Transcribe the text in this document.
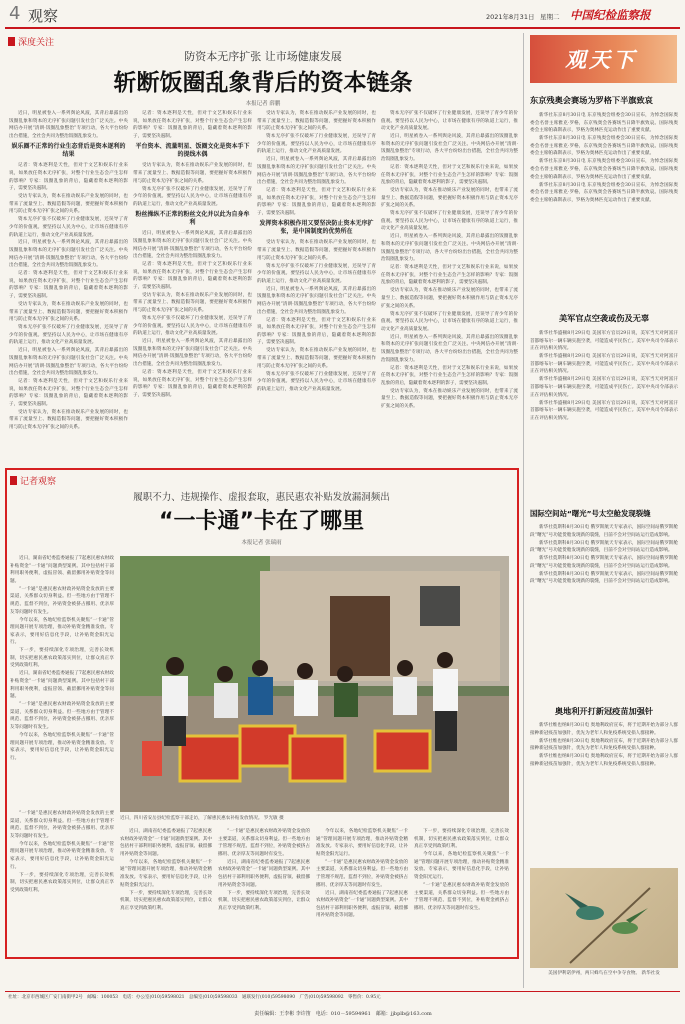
4 观察	2021年8月31日 星期二 中国纪检监察报
深度关注
防资本无序扩张 让市场健康发展
斩断饭圈乱象背后的资本链条
本报记者 薛鹏

近日，明星被卷入一系列舆论风波，其背后暴露出的饭圈乱象和资本的无序扩张问题引发社会广泛关注。中央网信办开展“清朗·饭圈乱象整治”专项行动，各大平台纷纷出台措施，全社会共同为整治饭圈乱象发力。

娱乐圈不正常的行业生态背后是资本逐利的结果

记者：资本逐利是天性，但对于文艺和娱乐行业来说，如果放任资本无序扩张，对整个行业生态会产生怎样的影响？专家：饭圈乱象的背后，隐藏着资本逐利的影子，需要坚决遏制。

受访专家认为，资本在推动娱乐产业发展的同时，也带来了流量至上、数据造假等问题，要把握好资本积极作用与防止资本无序扩张之间的关系。

资本无序扩张不仅破坏了行业健康发展，还误导了青少年的价值观。要坚持以人民为中心，让市场在健康有序的轨道上运行，推动文化产业高质量发展。

近日，明星被卷入一系列舆论风波，其背后暴露出的饭圈乱象和资本的无序扩张问题引发社会广泛关注。中央网信办开展“清朗·饭圈乱象整治”专项行动，各大平台纷纷出台措施，全社会共同为整治饭圈乱象发力。

记者：资本逐利是天性，但对于文艺和娱乐行业来说，如果放任资本无序扩张，对整个行业生态会产生怎样的影响？专家：饭圈乱象的背后，隐藏着资本逐利的影子，需要坚决遏制。

受访专家认为，资本在推动娱乐产业发展的同时，也带来了流量至上、数据造假等问题，要把握好资本积极作用与防止资本无序扩张之间的关系。

资本无序扩张不仅破坏了行业健康发展，还误导了青少年的价值观。要坚持以人民为中心，让市场在健康有序的轨道上运行，推动文化产业高质量发展。

近日，明星被卷入一系列舆论风波，其背后暴露出的饭圈乱象和资本的无序扩张问题引发社会广泛关注。中央网信办开展“清朗·饭圈乱象整治”专项行动，各大平台纷纷出台措施，全社会共同为整治饭圈乱象发力。

记者：资本逐利是天性，但对于文艺和娱乐行业来说，如果放任资本无序扩张，对整个行业生态会产生怎样的影响？专家：饭圈乱象的背后，隐藏着资本逐利的影子，需要坚决遏制。

受访专家认为，资本在推动娱乐产业发展的同时，也带来了流量至上、数据造假等问题，要把握好资本积极作用与防止资本无序扩张之间的关系。

记者：资本逐利是天性，但对于文艺和娱乐行业来说，如果放任资本无序扩张，对整个行业生态会产生怎样的影响？专家：饭圈乱象的背后，隐藏着资本逐利的影子，需要坚决遏制。

平台资本、流量明星、饭圈文化是资本手下的提线木偶

受访专家认为，资本在推动娱乐产业发展的同时，也带来了流量至上、数据造假等问题，要把握好资本积极作用与防止资本无序扩张之间的关系。

资本无序扩张不仅破坏了行业健康发展，还误导了青少年的价值观。要坚持以人民为中心，让市场在健康有序的轨道上运行，推动文化产业高质量发展。

粉丝操纵不正常的粉丝文化并以此为自身牟利

近日，明星被卷入一系列舆论风波，其背后暴露出的饭圈乱象和资本的无序扩张问题引发社会广泛关注。中央网信办开展“清朗·饭圈乱象整治”专项行动，各大平台纷纷出台措施，全社会共同为整治饭圈乱象发力。

记者：资本逐利是天性，但对于文艺和娱乐行业来说，如果放任资本无序扩张，对整个行业生态会产生怎样的影响？专家：饭圈乱象的背后，隐藏着资本逐利的影子，需要坚决遏制。

受访专家认为，资本在推动娱乐产业发展的同时，也带来了流量至上、数据造假等问题，要把握好资本积极作用与防止资本无序扩张之间的关系。

资本无序扩张不仅破坏了行业健康发展，还误导了青少年的价值观。要坚持以人民为中心，让市场在健康有序的轨道上运行，推动文化产业高质量发展。

近日，明星被卷入一系列舆论风波，其背后暴露出的饭圈乱象和资本的无序扩张问题引发社会广泛关注。中央网信办开展“清朗·饭圈乱象整治”专项行动，各大平台纷纷出台措施，全社会共同为整治饭圈乱象发力。

记者：资本逐利是天性，但对于文艺和娱乐行业来说，如果放任资本无序扩张，对整个行业生态会产生怎样的影响？专家：饭圈乱象的背后，隐藏着资本逐利的影子，需要坚决遏制。

受访专家认为，资本在推动娱乐产业发展的同时，也带来了流量至上、数据造假等问题，要把握好资本积极作用与防止资本无序扩张之间的关系。

资本无序扩张不仅破坏了行业健康发展，还误导了青少年的价值观。要坚持以人民为中心，让市场在健康有序的轨道上运行，推动文化产业高质量发展。

近日，明星被卷入一系列舆论风波，其背后暴露出的饭圈乱象和资本的无序扩张问题引发社会广泛关注。中央网信办开展“清朗·饭圈乱象整治”专项行动，各大平台纷纷出台措施，全社会共同为整治饭圈乱象发力。

记者：资本逐利是天性，但对于文艺和娱乐行业来说，如果放任资本无序扩张，对整个行业生态会产生怎样的影响？专家：饭圈乱象的背后，隐藏着资本逐利的影子，需要坚决遏制。

发挥资本积极作用又要坚决防止资本无序扩张，是中国制度的优势所在

受访专家认为，资本在推动娱乐产业发展的同时，也带来了流量至上、数据造假等问题，要把握好资本积极作用与防止资本无序扩张之间的关系。

资本无序扩张不仅破坏了行业健康发展，还误导了青少年的价值观。要坚持以人民为中心，让市场在健康有序的轨道上运行，推动文化产业高质量发展。

近日，明星被卷入一系列舆论风波，其背后暴露出的饭圈乱象和资本的无序扩张问题引发社会广泛关注。中央网信办开展“清朗·饭圈乱象整治”专项行动，各大平台纷纷出台措施，全社会共同为整治饭圈乱象发力。

记者：资本逐利是天性，但对于文艺和娱乐行业来说，如果放任资本无序扩张，对整个行业生态会产生怎样的影响？专家：饭圈乱象的背后，隐藏着资本逐利的影子，需要坚决遏制。

受访专家认为，资本在推动娱乐产业发展的同时，也带来了流量至上、数据造假等问题，要把握好资本积极作用与防止资本无序扩张之间的关系。

资本无序扩张不仅破坏了行业健康发展，还误导了青少年的价值观。要坚持以人民为中心，让市场在健康有序的轨道上运行，推动文化产业高质量发展。

资本无序扩张不仅破坏了行业健康发展，还误导了青少年的价值观。要坚持以人民为中心，让市场在健康有序的轨道上运行，推动文化产业高质量发展。

近日，明星被卷入一系列舆论风波，其背后暴露出的饭圈乱象和资本的无序扩张问题引发社会广泛关注。中央网信办开展“清朗·饭圈乱象整治”专项行动，各大平台纷纷出台措施，全社会共同为整治饭圈乱象发力。

记者：资本逐利是天性，但对于文艺和娱乐行业来说，如果放任资本无序扩张，对整个行业生态会产生怎样的影响？专家：饭圈乱象的背后，隐藏着资本逐利的影子，需要坚决遏制。

受访专家认为，资本在推动娱乐产业发展的同时，也带来了流量至上、数据造假等问题，要把握好资本积极作用与防止资本无序扩张之间的关系。

资本无序扩张不仅破坏了行业健康发展，还误导了青少年的价值观。要坚持以人民为中心，让市场在健康有序的轨道上运行，推动文化产业高质量发展。

近日，明星被卷入一系列舆论风波，其背后暴露出的饭圈乱象和资本的无序扩张问题引发社会广泛关注。中央网信办开展“清朗·饭圈乱象整治”专项行动，各大平台纷纷出台措施，全社会共同为整治饭圈乱象发力。

记者：资本逐利是天性，但对于文艺和娱乐行业来说，如果放任资本无序扩张，对整个行业生态会产生怎样的影响？专家：饭圈乱象的背后，隐藏着资本逐利的影子，需要坚决遏制。

受访专家认为，资本在推动娱乐产业发展的同时，也带来了流量至上、数据造假等问题，要把握好资本积极作用与防止资本无序扩张之间的关系。

资本无序扩张不仅破坏了行业健康发展，还误导了青少年的价值观。要坚持以人民为中心，让市场在健康有序的轨道上运行，推动文化产业高质量发展。

近日，明星被卷入一系列舆论风波，其背后暴露出的饭圈乱象和资本的无序扩张问题引发社会广泛关注。中央网信办开展“清朗·饭圈乱象整治”专项行动，各大平台纷纷出台措施，全社会共同为整治饭圈乱象发力。

记者：资本逐利是天性，但对于文艺和娱乐行业来说，如果放任资本无序扩张，对整个行业生态会产生怎样的影响？专家：饭圈乱象的背后，隐藏着资本逐利的影子，需要坚决遏制。

受访专家认为，资本在推动娱乐产业发展的同时，也带来了流量至上、数据造假等问题，要把握好资本积极作用与防止资本无序扩张之间的关系。

记者观察
履职不力、违规操作、虚报套取，惠民惠农补贴发放漏洞频出
“一卡通”卡在了哪里
本报记者 张瑞雨

近日，湖南省纪委监委通报了7起惠民惠农财政补贴资金“一卡通”问题典型案例。其中包括村干部利用职务便利，虚报冒领、截留挪用补贴资金等问题。

“一卡通”是惠民惠农财政补贴资金发放的主要渠道，关系群众切身利益。但一些地方由于管理不规范、监督不到位，补贴资金被挤占挪用、优亲厚友等问题时有发生。

今年以来，各地纪检监察机关聚焦“一卡通”管理问题开展专项治理，推动补贴资金精准发放。专家表示，要用好信息化手段，让补贴资金阳光运行。

下一步，要持续深化专项治理，完善长效机制，切实把惠民惠农政策落实到位，让群众真正享受到政策红利。

近日，湖南省纪委监委通报了7起惠民惠农财政补贴资金“一卡通”问题典型案例。其中包括村干部利用职务便利，虚报冒领、截留挪用补贴资金等问题。

“一卡通”是惠民惠农财政补贴资金发放的主要渠道，关系群众切身利益。但一些地方由于管理不规范、监督不到位，补贴资金被挤占挪用、优亲厚友等问题时有发生。

今年以来，各地纪检监察机关聚焦“一卡通”管理问题开展专项治理，推动补贴资金精准发放。专家表示，要用好信息化手段，让补贴资金阳光运行。

近日，四川省安岳县纪检监察干部走访，了解惠民惠农补贴发放情况。 罗光敏 摄

“一卡通”是惠民惠农财政补贴资金发放的主要渠道，关系群众切身利益。但一些地方由于管理不规范、监督不到位，补贴资金被挤占挪用、优亲厚友等问题时有发生。

今年以来，各地纪检监察机关聚焦“一卡通”管理问题开展专项治理，推动补贴资金精准发放。专家表示，要用好信息化手段，让补贴资金阳光运行。

下一步，要持续深化专项治理，完善长效机制，切实把惠民惠农政策落实到位，让群众真正享受到政策红利。

近日，湖南省纪委监委通报了7起惠民惠农财政补贴资金“一卡通”问题典型案例。其中包括村干部利用职务便利，虚报冒领、截留挪用补贴资金等问题。

今年以来，各地纪检监察机关聚焦“一卡通”管理问题开展专项治理，推动补贴资金精准发放。专家表示，要用好信息化手段，让补贴资金阳光运行。

下一步，要持续深化专项治理，完善长效机制，切实把惠民惠农政策落实到位，让群众真正享受到政策红利。

“一卡通”是惠民惠农财政补贴资金发放的主要渠道，关系群众切身利益。但一些地方由于管理不规范、监督不到位，补贴资金被挤占挪用、优亲厚友等问题时有发生。

近日，湖南省纪委监委通报了7起惠民惠农财政补贴资金“一卡通”问题典型案例。其中包括村干部利用职务便利，虚报冒领、截留挪用补贴资金等问题。

下一步，要持续深化专项治理，完善长效机制，切实把惠民惠农政策落实到位，让群众真正享受到政策红利。

今年以来，各地纪检监察机关聚焦“一卡通”管理问题开展专项治理，推动补贴资金精准发放。专家表示，要用好信息化手段，让补贴资金阳光运行。

“一卡通”是惠民惠农财政补贴资金发放的主要渠道，关系群众切身利益。但一些地方由于管理不规范、监督不到位，补贴资金被挤占挪用、优亲厚友等问题时有发生。

近日，湖南省纪委监委通报了7起惠民惠农财政补贴资金“一卡通”问题典型案例。其中包括村干部利用职务便利，虚报冒领、截留挪用补贴资金等问题。

下一步，要持续深化专项治理，完善长效机制，切实把惠民惠农政策落实到位，让群众真正享受到政策红利。

今年以来，各地纪检监察机关聚焦“一卡通”管理问题开展专项治理，推动补贴资金精准发放。专家表示，要用好信息化手段，让补贴资金阳光运行。

“一卡通”是惠民惠农财政补贴资金发放的主要渠道，关系群众切身利益。但一些地方由于管理不规范、监督不到位，补贴资金被挤占挪用、优亲厚友等问题时有发生。

观天下
东京残奥会赛场为罗格下半旗致哀

新华社东京8月30日电 东京残奥会组委会30日宣布，为悼念国际奥委会名誉主席雅克·罗格，东京残奥会各赛场当日降半旗致哀。国际残奥委会主席帕森斯表示，罗格为奥林匹克运动作出了重要贡献。

新华社东京8月30日电 东京残奥会组委会30日宣布，为悼念国际奥委会名誉主席雅克·罗格，东京残奥会各赛场当日降半旗致哀。国际残奥委会主席帕森斯表示，罗格为奥林匹克运动作出了重要贡献。

新华社东京8月30日电 东京残奥会组委会30日宣布，为悼念国际奥委会名誉主席雅克·罗格，东京残奥会各赛场当日降半旗致哀。国际残奥委会主席帕森斯表示，罗格为奥林匹克运动作出了重要贡献。

新华社东京8月30日电 东京残奥会组委会30日宣布，为悼念国际奥委会名誉主席雅克·罗格，东京残奥会各赛场当日降半旗致哀。国际残奥委会主席帕森斯表示，罗格为奥林匹克运动作出了重要贡献。

美军官点空袭或伤及无辜

新华社华盛顿8月29日电 美国军方官员29日说，美军当天对阿富汗首都喀布尔一辆车辆实施空袭，可能造成平民伤亡。美军中央司令部表示正在评估相关情况。

新华社华盛顿8月29日电 美国军方官员29日说，美军当天对阿富汗首都喀布尔一辆车辆实施空袭，可能造成平民伤亡。美军中央司令部表示正在评估相关情况。

新华社华盛顿8月29日电 美国军方官员29日说，美军当天对阿富汗首都喀布尔一辆车辆实施空袭，可能造成平民伤亡。美军中央司令部表示正在评估相关情况。

新华社华盛顿8月29日电 美国军方官员29日说，美军当天对阿富汗首都喀布尔一辆车辆实施空袭，可能造成平民伤亡。美军中央司令部表示正在评估相关情况。

国际空间站“曙光”号太空舱发现裂缝

新华社莫斯科8月30日电 俄罗斯航天专家表示，国际空间站俄罗斯舱段“曙光”号功能货舱发现新的裂缝，目前不会对空间站运行造成影响。

新华社莫斯科8月30日电 俄罗斯航天专家表示，国际空间站俄罗斯舱段“曙光”号功能货舱发现新的裂缝，目前不会对空间站运行造成影响。

新华社莫斯科8月30日电 俄罗斯航天专家表示，国际空间站俄罗斯舱段“曙光”号功能货舱发现新的裂缝，目前不会对空间站运行造成影响。

新华社莫斯科8月30日电 俄罗斯航天专家表示，国际空间站俄罗斯舱段“曙光”号功能货舱发现新的裂缝，目前不会对空间站运行造成影响。

奥地利开打新冠疫苗加强针

新华社维也纳8月30日电 奥地利政府宣布，将于近期开始为部分人群接种新冠疫苗加强针，优先为老年人和免疫系统受损人群接种。

新华社维也纳8月30日电 奥地利政府宣布，将于近期开始为部分人群接种新冠疫苗加强针，优先为老年人和免疫系统受损人群接种。

新华社维也纳8月30日电 奥地利政府宣布，将于近期开始为部分人群接种新冠疫苗加强针，优先为老年人和免疫系统受损人群接种。

美国伊利诺伊州，两只蜂鸟在空中争夺食物。 新华社发
社址：北京市西城区广安门南街甲2号　邮编：100053　电话：办公室(010)59598021　总编室(010)59598033　通联发行(010)59598090　广告(010)59598092　零售价：0.95元
责任编辑：王李彬 李许笛　电话：010－59594961　邮箱：jjbplb@163.com
